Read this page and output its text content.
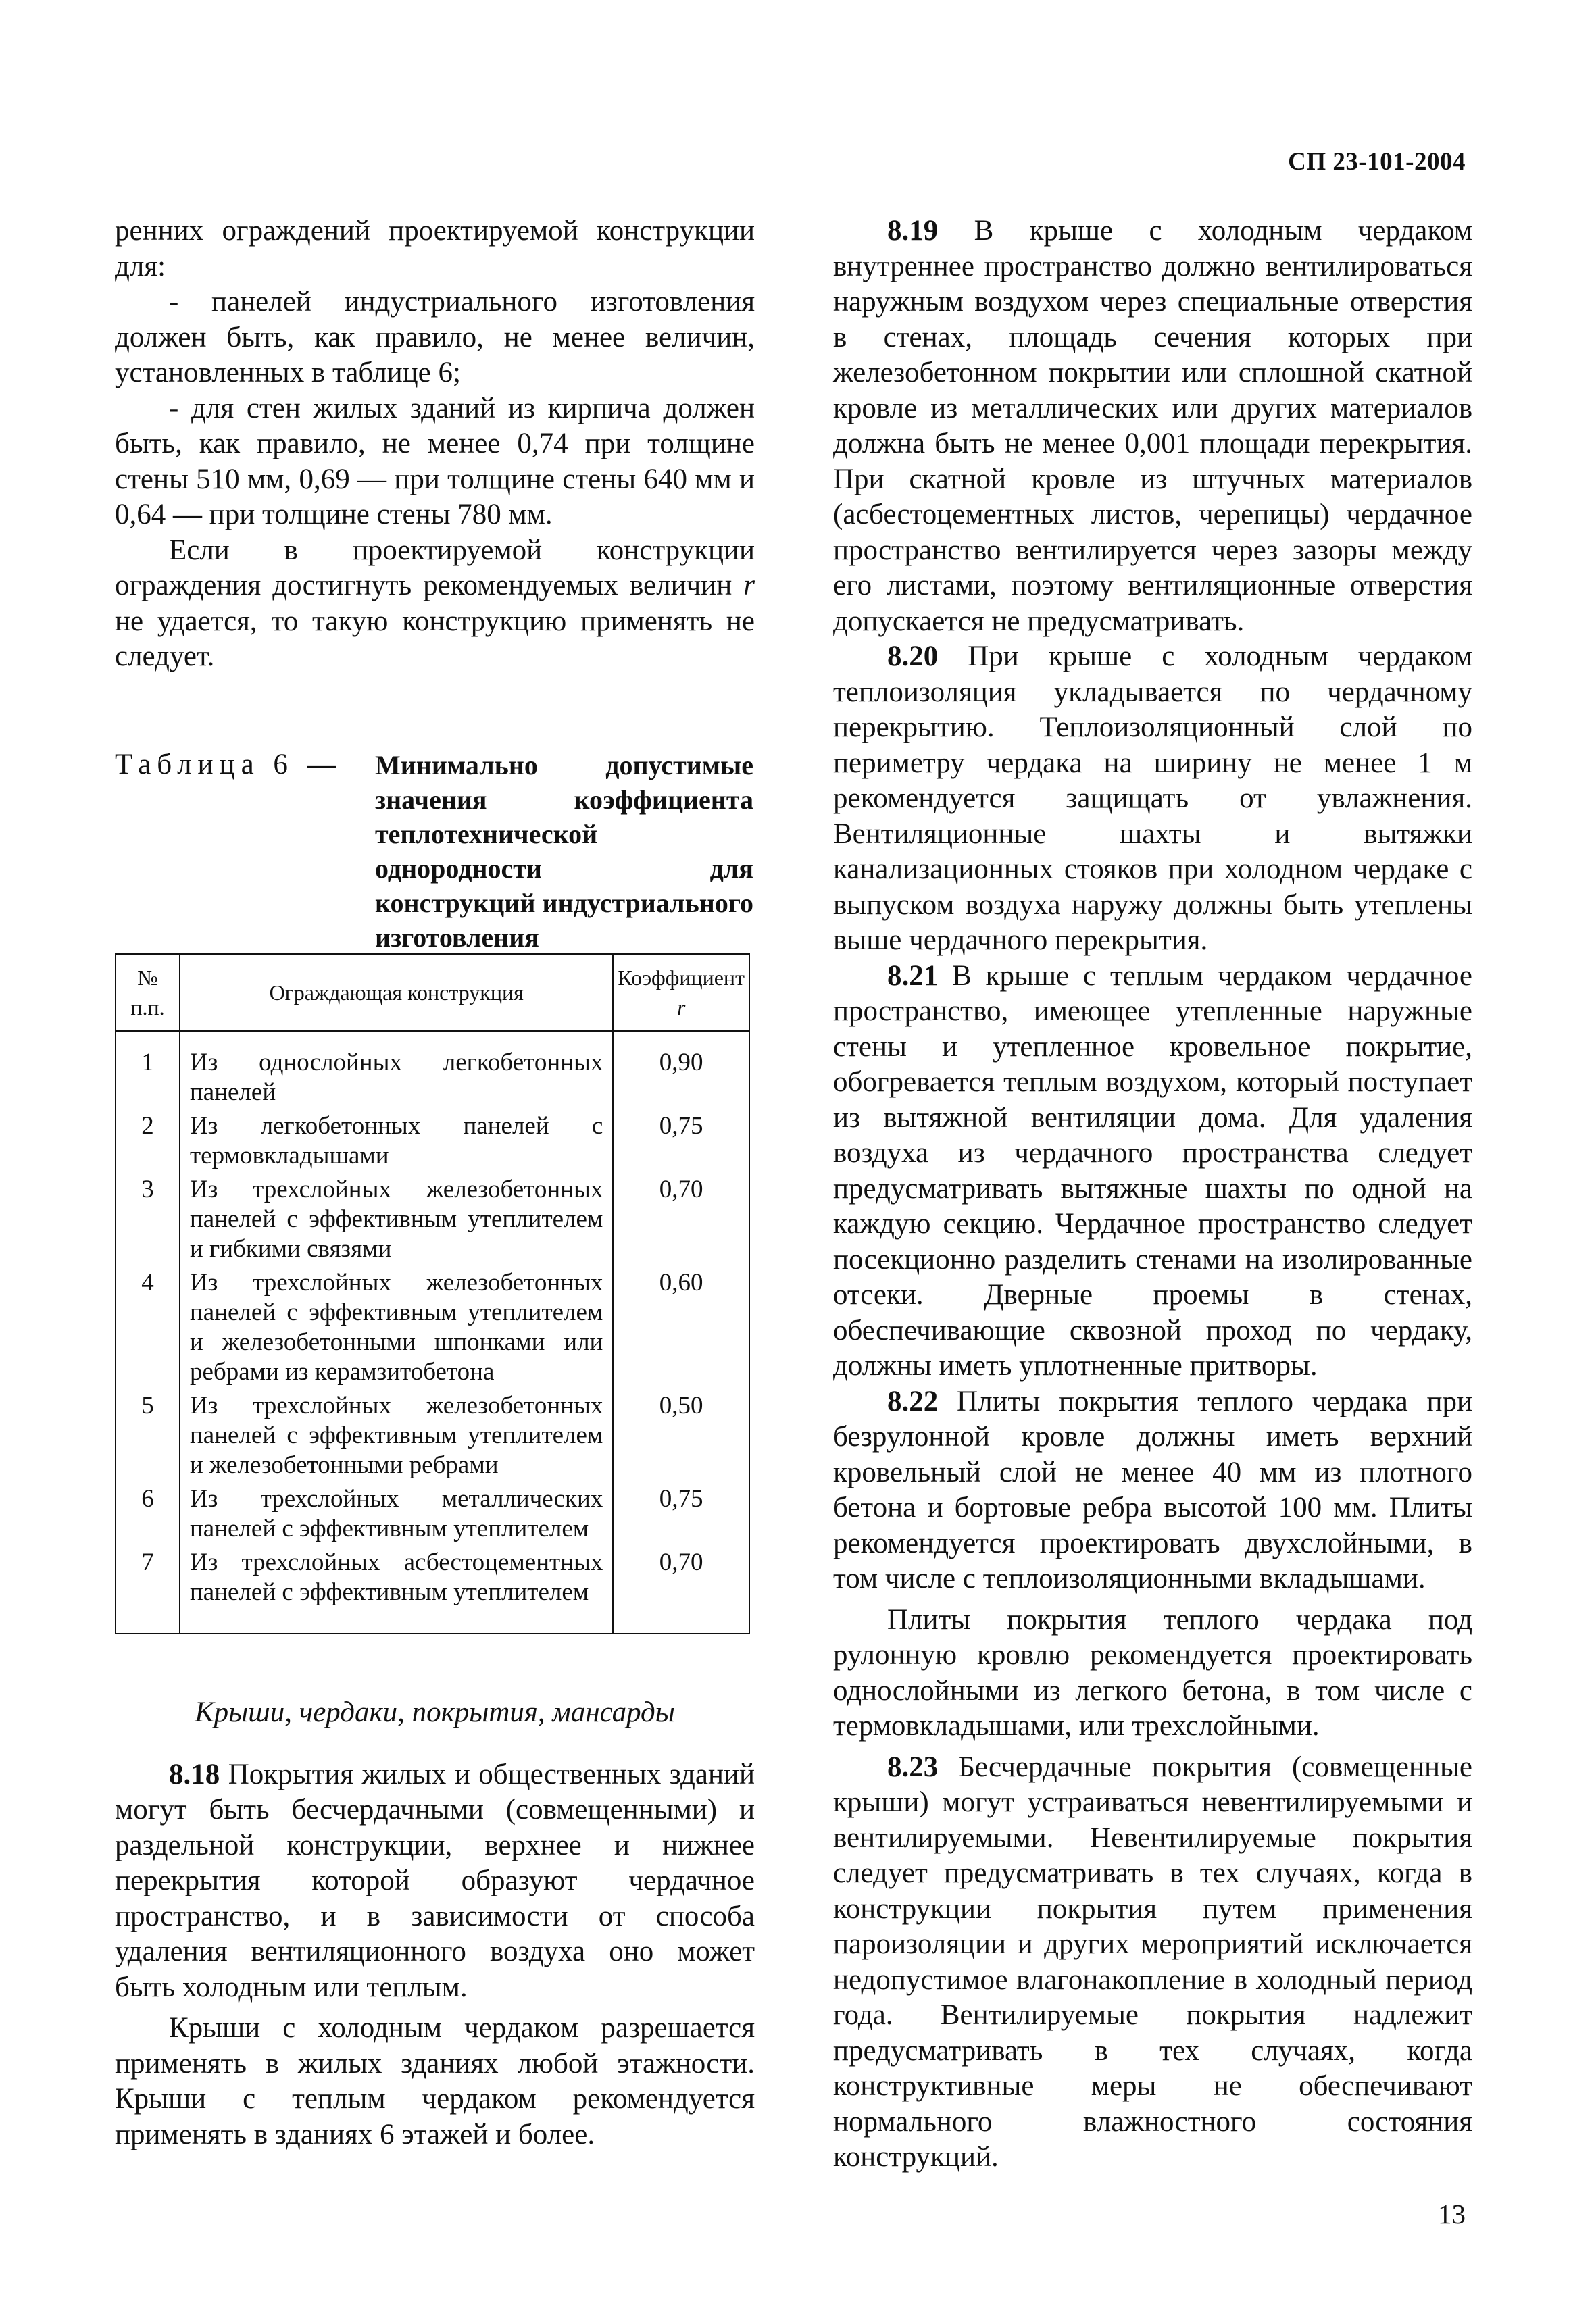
СП 23-101-2004

ренних ограждений проектируемой конструкции для:

- панелей индустриального изготовления должен быть, как правило, не менее величин, установленных в таблице 6;

- для стен жилых зданий из кирпича должен быть, как правило, не менее 0,74 при толщине стены 510 мм, 0,69 — при толщине стены 640 мм и 0,64 — при толщине стены 780 мм.

Если в проектируемой конструкции ограждения достигнуть рекомендуемых величин r не удается, то такую конструкцию применять не следует.

Таблица 6 — Минимально допустимые значения коэффициента теплотехнической однородности для конструкций индустриального изготовления

№ п.п.	Ограждающая конструкция	Коэффициент r
1	Из однослойных легкобетонных панелей	0,90
2	Из легкобетонных панелей с термовкладышами	0,75
3	Из трехслойных железобетонных панелей с эффективным утеплителем и гибкими связями	0,70
4	Из трехслойных железобетонных панелей с эффективным утеплителем и железобетонными шпонками или ребрами из керамзитобетона	0,60
5	Из трехслойных железобетонных панелей с эффективным утеплителем и железобетонными ребрами	0,50
6	Из трехслойных металлических панелей с эффективным утеплителем	0,75
7	Из трехслойных асбестоцементных панелей с эффективным утеплителем	0,70
Крыши, чердаки, покрытия, мансарды

8.18 Покрытия жилых и общественных зданий могут быть бесчердачными (совмещенными) и раздельной конструкции, верхнее и нижнее перекрытия которой образуют чердачное пространство, и в зависимости от способа удаления вентиляционного воздуха оно может быть холодным или теплым.

Крыши с холодным чердаком разрешается применять в жилых зданиях любой этажности. Крыши с теплым чердаком рекомендуется применять в зданиях 6 этажей и более.

8.19 В крыше с холодным чердаком внутреннее пространство должно вентилироваться наружным воздухом через специальные отверстия в стенах, площадь сечения которых при железобетонном покрытии или сплошной скатной кровле из металлических или других материалов должна быть не менее 0,001 площади перекрытия. При скатной кровле из штучных материалов (асбестоцементных листов, черепицы) чердачное пространство вентилируется через зазоры между его листами, поэтому вентиляционные отверстия допускается не предусматривать.

8.20 При крыше с холодным чердаком теплоизоляция укладывается по чердачному перекрытию. Теплоизоляционный слой по периметру чердака на ширину не менее 1 м рекомендуется защищать от увлажнения. Вентиляционные шахты и вытяжки канализационных стояков при холодном чердаке с выпуском воздуха наружу должны быть утеплены выше чердачного перекрытия.

8.21 В крыше с теплым чердаком чердачное пространство, имеющее утепленные наружные стены и утепленное кровельное покрытие, обогревается теплым воздухом, который поступает из вытяжной вентиляции дома. Для удаления воздуха из чердачного пространства следует предусматривать вытяжные шахты по одной на каждую секцию. Чердачное пространство следует посекционно разделить стенами на изолированные отсеки. Дверные проемы в стенах, обеспечивающие сквозной проход по чердаку, должны иметь уплотненные притворы.

8.22 Плиты покрытия теплого чердака при безрулонной кровле должны иметь верхний кровельный слой не менее 40 мм из плотного бетона и бортовые ребра высотой 100 мм. Плиты рекомендуется проектировать двухслойными, в том числе с теплоизоляционными вкладышами.

Плиты покрытия теплого чердака под рулонную кровлю рекомендуется проектировать однослойными из легкого бетона, в том числе с термовкладышами, или трехслойными.

8.23 Бесчердачные покрытия (совмещенные крыши) могут устраиваться невентилируемыми и вентилируемыми. Невентилируемые покрытия следует предусматривать в тех случаях, когда в конструкции покрытия путем применения пароизоляции и других мероприятий исключается недопустимое влагонакопление в холодный период года. Вентилируемые покрытия надлежит предусматривать в тех случаях, когда конструктивные меры не обеспечивают нормального влажностного состояния конструкций.

13
